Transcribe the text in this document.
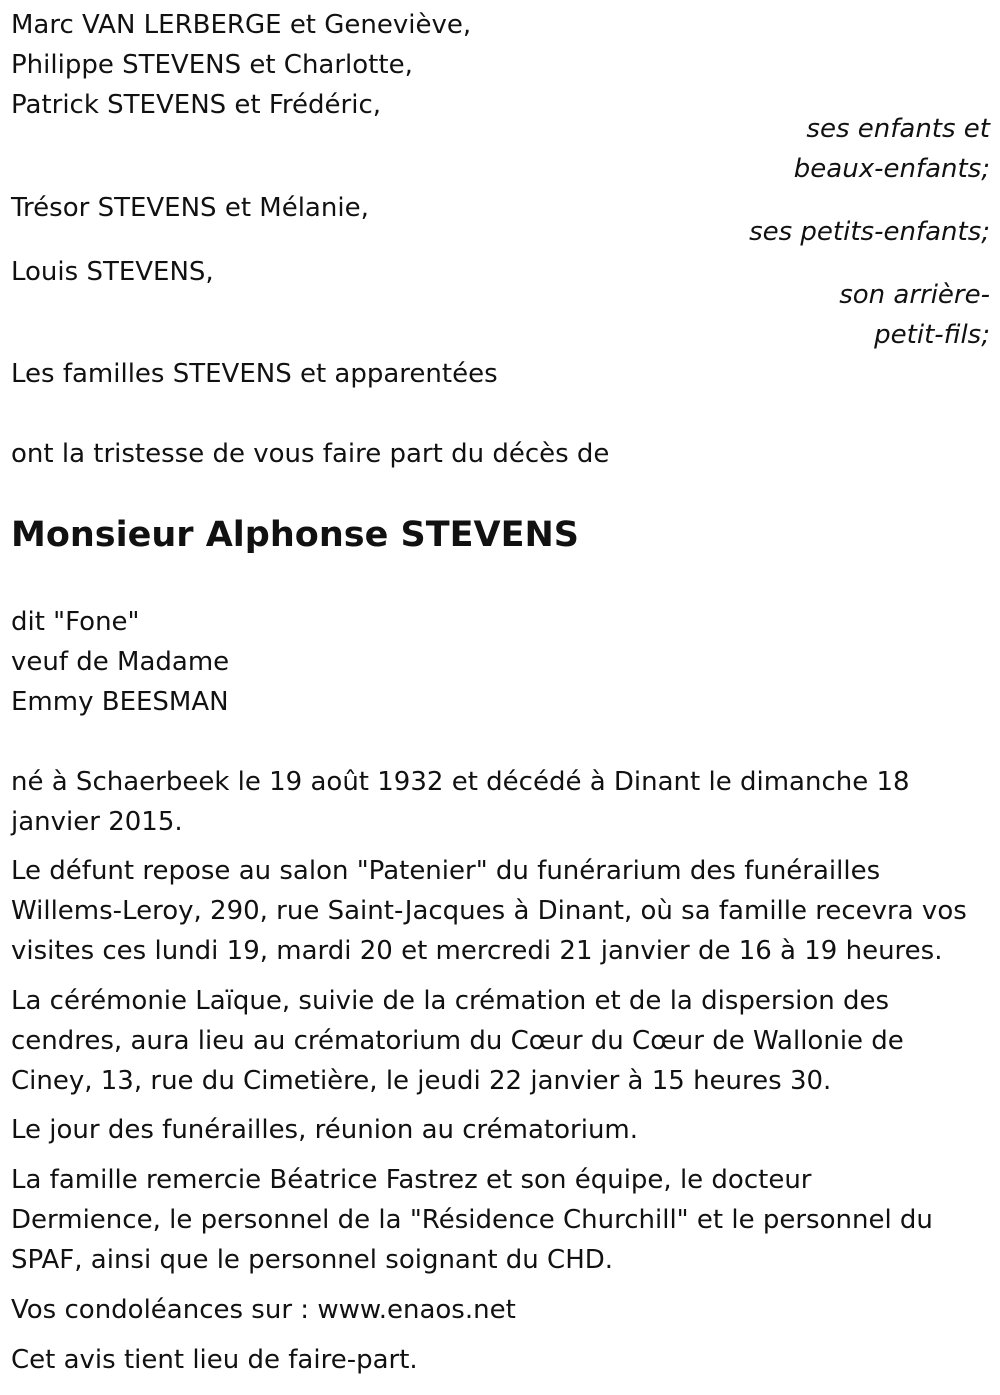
Marc VAN LERBERGE et Geneviève,
Philippe STEVENS et Charlotte,
Patrick STEVENS et Frédéric,
ses enfants et
beaux-enfants;
Trésor STEVENS et Mélanie,
ses petits-enfants;
Louis STEVENS,
son arrière-
petit-fils;
Les familles STEVENS et apparentées
ont la tristesse de vous faire part du décès de
Monsieur Alphonse STEVENS
dit "Fone"
veuf de Madame
Emmy BEESMAN
né à Schaerbeek le 19 août 1932 et décédé à Dinant le dimanche 18
janvier 2015.
Le défunt repose au salon "Patenier" du funérarium des funérailles
Willems-Leroy, 290, rue Saint-Jacques à Dinant, où sa famille recevra vos
visites ces lundi 19, mardi 20 et mercredi 21 janvier de 16 à 19 heures.
La cérémonie Laïque, suivie de la crémation et de la dispersion des
cendres, aura lieu au crématorium du Cœur du Cœur de Wallonie de
Ciney, 13, rue du Cimetière, le jeudi 22 janvier à 15 heures 30.
Le jour des funérailles, réunion au crématorium.
La famille remercie Béatrice Fastrez et son équipe, le docteur
Dermience, le personnel de la "Résidence Churchill" et le personnel du
SPAF, ainsi que le personnel soignant du CHD.
Vos condoléances sur : www.enaos.net
Cet avis tient lieu de faire-part.
